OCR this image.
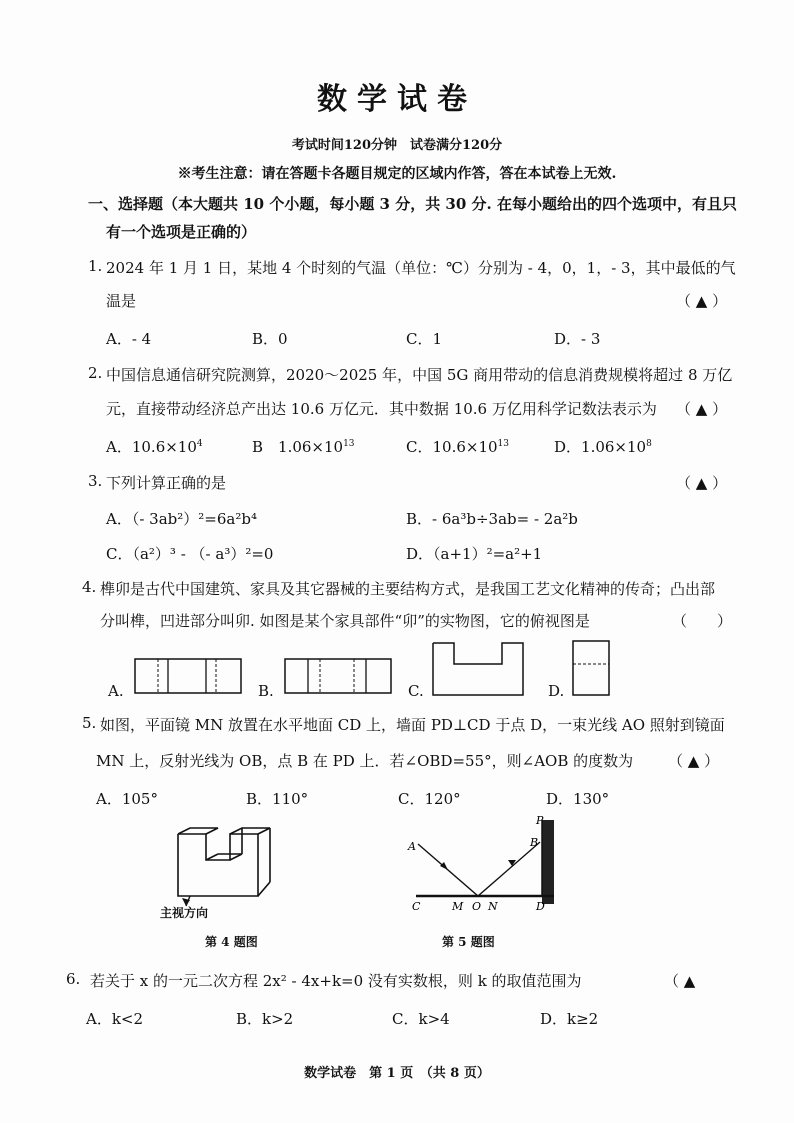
数学试卷
考试时间120分钟　试卷满分120分
※考生注意：请在答题卡各题目规定的区域内作答，答在本试卷上无效.
一、选择题（本大题共 10 个小题，每小题 3 分，共 30 分. 在每小题给出的四个选项中，有且只
有一个选项是正确的）
1. 2024 年 1 月 1 日，某地 4 个时刻的气温（单位：℃）分别为 - 4，0，1，- 3，其中最低的气
温是	（ ▲ ）
A．- 4	B．0	C．1	D．- 3
2. 中国信息通信研究院测算，2020～2025 年，中国 5G 商用带动的信息消费规模将超过 8 万亿
元，直接带动经济总产出达 10.6 万亿元．其中数据 10.6 万亿用科学记数法表示为 （ ▲ ）
A．$10.6\times 10^4$	B　$1.06\times 10^{13}$	C．$10.6\times 10^{13}$	D．$1.06\times 10^8$
3. 下列计算正确的是	（ ▲ ）
A．（- 3ab²）²=6a²b⁴	B．- 6a³b÷3ab= - 2a²b
C．（a²）³ - （- a³）²=0	D．（a+1）²=a²+1
4. 榫卯是古代中国建筑、家具及其它器械的主要结构方式，是我国工艺文化精神的传奇；凸出部
分叫榫，凹进部分叫卯. 如图是某个家具部件“卯”的实物图，它的俯视图是	（　　）
A.	B.	C.	D.
5. 如图，平面镜 MN 放置在水平地面 CD 上，墙面 PD⊥CD 于点 D，一束光线 AO 照射到镜面
MN 上，反射光线为 OB，点 B 在 PD 上．若∠OBD=55°，则∠AOB 的度数为 （ ▲ ）
A．105°	B．110°	C．120°	D．130°
主视方向
第 4 题图
A	B
P
C	M O N	D
第 5 题图
6. 若关于 x 的一元二次方程 2x² - 4x+k=0 没有实数根，则 k 的取值范围为	（ ▲
A．k<2	B．k>2	C．k>4	D．k≥2
数学试卷　第 1 页　（共 8 页）
